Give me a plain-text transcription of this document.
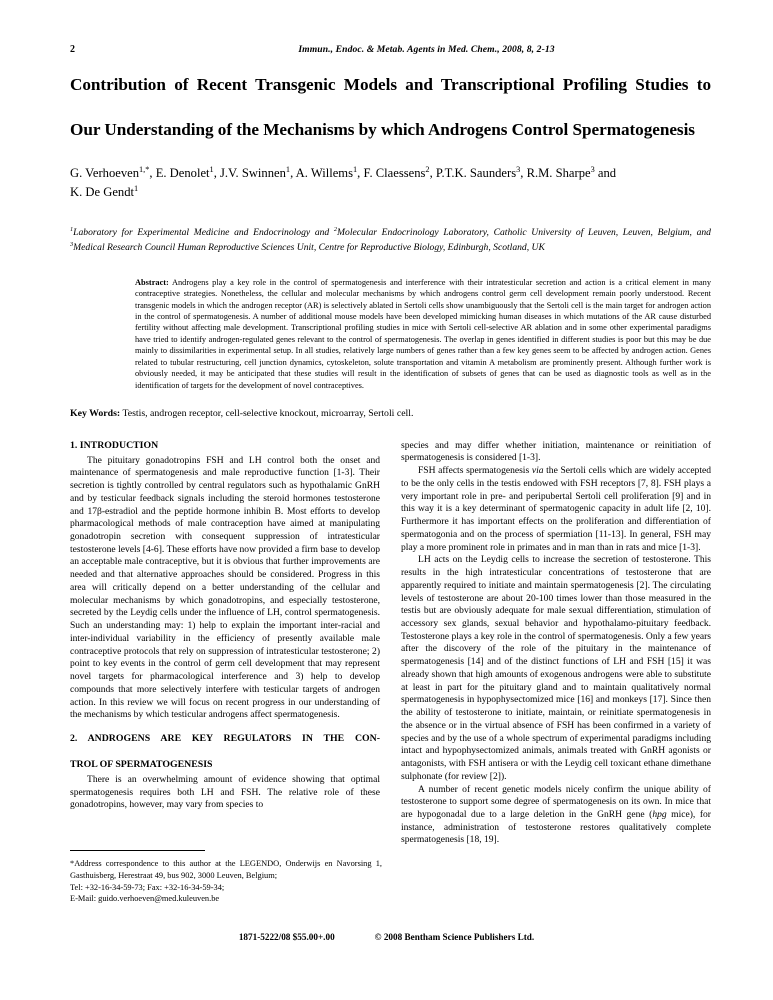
2	Immun., Endoc. & Metab. Agents in Med. Chem., 2008, 8, 2-13
Contribution of Recent Transgenic Models and Transcriptional Profiling Studies to
Our Understanding of the Mechanisms by which Androgens Control Spermatogenesis
G. Verhoeven$^{1,*}$, E. Denolet$^1$, J.V. Swinnen$^1$, A. Willems$^1$, F. Claessens$^2$, P.T.K. Saunders$^3$, R.M. Sharpe$^3$ and
K. De Gendt$^1$
$^1$Laboratory for Experimental Medicine and Endocrinology and $^2$Molecular Endocrinology Laboratory, Catholic University of Leuven, Leuven, Belgium, and $^3$Medical Research Council Human Reproductive Sciences Unit, Centre for Reproductive Biology, Edinburgh, Scotland, UK
Abstract: Androgens play a key role in the control of spermatogenesis and interference with their intratesticular secretion and action is a critical element in many contraceptive strategies. Nonetheless, the cellular and molecular mechanisms by which androgens control germ cell development remain poorly understood. Recent transgenic models in which the androgen receptor (AR) is selectively ablated in Sertoli cells show unambiguously that the Sertoli cell is the main target for androgen action in the control of spermatogenesis. A number of additional mouse models have been developed mimicking human diseases in which mutations of the AR cause disturbed fertility without affecting male development. Transcriptional profiling studies in mice with Sertoli cell-selective AR ablation and in some other experimental paradigms have tried to identify androgen-regulated genes relevant to the control of spermatogenesis. The overlap in genes identified in different studies is poor but this may be due mainly to dissimilarities in experimental setup. In all studies, relatively large numbers of genes rather than a few key genes seem to be affected by androgen action. Genes related to tubular restructuring, cell junction dynamics, cytoskeleton, solute transportation and vitamin A metabolism are prominently present. Although further work is obviously needed, it may be anticipated that these studies will result in the identification of subsets of genes that can be used as diagnostic tools as well as in the identification of targets for the development of novel contraceptives.
Key Words: Testis, androgen receptor, cell-selective knockout, microarray, Sertoli cell.
1. INTRODUCTION

The pituitary gonadotropins FSH and LH control both the onset and maintenance of spermatogenesis and male reproductive function [1-3]. Their secretion is tightly controlled by central regulators such as hypothalamic GnRH and by testicular feedback signals including the steroid hormones testosterone and 17β-estradiol and the peptide hormone inhibin B. Most efforts to develop pharmacological methods of male contraception have aimed at manipulating gonadotropin secretion with consequent suppression of intratesticular testosterone levels [4-6]. These efforts have now provided a firm base to develop an acceptable male contraceptive, but it is obvious that further improvements are needed and that alternative approaches should be considered. Progress in this area will critically depend on a better understanding of the cellular and molecular mechanisms by which gonadotropins, and especially testosterone, secreted by the Leydig cells under the influence of LH, control spermatogenesis. Such an understanding may: 1) help to explain the important inter-racial and inter-individual variability in the efficiency of presently available male contraceptive protocols that rely on suppression of intratesticular testosterone; 2) point to key events in the control of germ cell development that may represent novel targets for pharmacological interference and 3) help to develop compounds that more selectively interfere with testicular targets of androgen action. In this review we will focus on recent progress in our understanding of the mechanisms by which testicular androgens affect spermatogenesis.

2. ANDROGENS ARE KEY REGULATORS IN THE CON-
TROL OF SPERMATOGENESIS

There is an overwhelming amount of evidence showing that optimal spermatogenesis requires both LH and FSH. The relative role of these gonadotropins, however, may vary from species to

species and may differ whether initiation, maintenance or reinitiation of spermatogenesis is considered [1-3].

FSH affects spermatogenesis via the Sertoli cells which are widely accepted to be the only cells in the testis endowed with FSH receptors [7, 8]. FSH plays a very important role in pre- and peripubertal Sertoli cell proliferation [9] and in this way it is a key determinant of spermatogenic capacity in adult life [2, 10]. Furthermore it has important effects on the proliferation and differentiation of spermatogonia and on the process of spermiation [11-13]. In general, FSH may play a more prominent role in primates and in man than in rats and mice [1-3].

LH acts on the Leydig cells to increase the secretion of testosterone. This results in the high intratesticular concentrations of testosterone that are apparently required to initiate and maintain spermatogenesis [2]. The circulating levels of testosterone are about 20-100 times lower than those measured in the testis but are obviously adequate for male sexual differentiation, stimulation of accessory sex glands, sexual behavior and hypothalamo-pituitary feedback. Testosterone plays a key role in the control of spermatogenesis. Only a few years after the discovery of the role of the pituitary in the maintenance of spermatogenesis [14] and of the distinct functions of LH and FSH [15] it was already shown that high amounts of exogenous androgens were able to substitute at least in part for the pituitary gland and to maintain qualitatively normal spermatogenesis in hypophysectomized mice [16] and monkeys [17]. Since then the ability of testosterone to initiate, maintain, or reinitiate spermatogenesis in the absence or in the virtual absence of FSH has been confirmed in a variety of species and by the use of a whole spectrum of experimental paradigms including intact and hypophysectomized animals, animals treated with GnRH agonists or antagonists, with FSH antisera or with the Leydig cell toxicant ethane dimethane sulphonate (for review [2]).

A number of recent genetic models nicely confirm the unique ability of testosterone to support some degree of spermatogenesis on its own. In mice that are hypogonadal due to a large deletion in the GnRH gene (hpg mice), for instance, administration of testosterone restores qualitatively complete spermatogenesis [18, 19].

*Address correspondence to this author at the LEGENDO, Onderwijs en Navorsing 1, Gasthuisberg, Herestraat 49, bus 902, 3000 Leuven, Belgium;
Tel: +32-16-34-59-73; Fax: +32-16-34-59-34;
E-Mail: guido.verhoeven@med.kuleuven.be
1871-5222/08 $55.00+.00	© 2008 Bentham Science Publishers Ltd.
